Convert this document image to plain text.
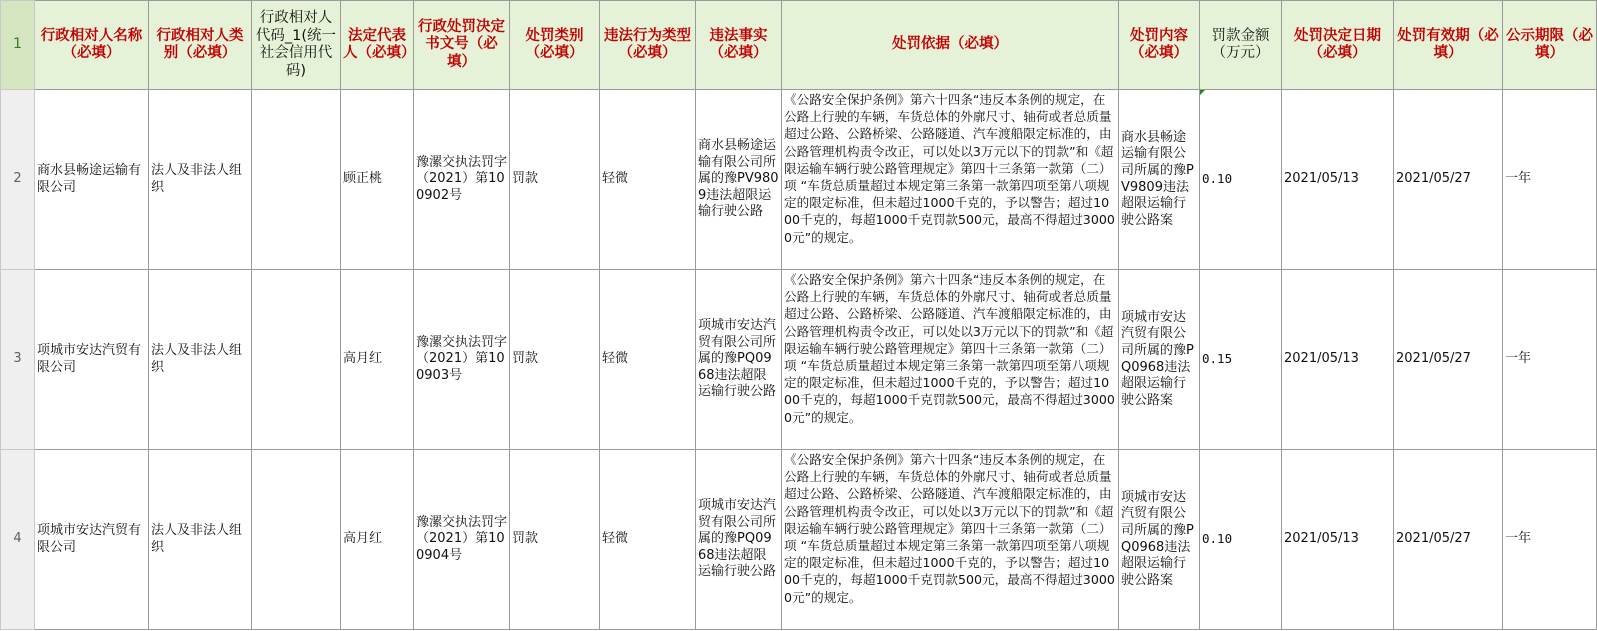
1	行政相对人名称（必填）	行政相对人类别（必填）	行政相对人代码_1(统一社会信用代码)	法定代表人（必填）	行政处罚决定书文号（必填）	处罚类别（必填）	违法行为类型（必填）	违法事实（必填）	处罚依据（必填）	处罚内容（必填）	罚款金额（万元）	处罚决定日期（必填）	处罚有效期（必填）	公示期限（必填）
2	商水县畅途运输有限公司	法人及非法人组织		顾正桃	豫漯交执法罚字（2021）第100902号	罚款	轻微	商水县畅途运输有限公司所属的豫PV9809违法超限运输行驶公路	《公路安全保护条例》第六十四条“违反本条例的规定，在公路上行驶的车辆，车货总体的外廓尺寸、轴荷或者总质量超过公路、公路桥梁、公路隧道、汽车渡船限定标准的，由公路管理机构责令改正，可以处以3万元以下的罚款”和《超限运输车辆行驶公路管理规定》第四十三条第一款第（二）项 “车货总质量超过本规定第三条第一款第四项至第八项规定的限定标准，但未超过1000千克的，予以警告；超过1000千克的，每超1000千克罚款500元，最高不得超过30000元”的规定。	商水县畅途运输有限公司所属的豫PV9809违法超限运输行驶公路案	0.10	2021/05/13	2021/05/27	一年
3	项城市安达汽贸有限公司	法人及非法人组织		高月红	豫漯交执法罚字（2021）第100903号	罚款	轻微	项城市安达汽贸有限公司所属的豫PQ0968违法超限运输行驶公路	《公路安全保护条例》第六十四条“违反本条例的规定，在公路上行驶的车辆，车货总体的外廓尺寸、轴荷或者总质量超过公路、公路桥梁、公路隧道、汽车渡船限定标准的，由公路管理机构责令改正，可以处以3万元以下的罚款”和《超限运输车辆行驶公路管理规定》第四十三条第一款第（二）项 “车货总质量超过本规定第三条第一款第四项至第八项规定的限定标准，但未超过1000千克的，予以警告；超过1000千克的，每超1000千克罚款500元，最高不得超过30000元”的规定。	项城市安达汽贸有限公司所属的豫PQ0968违法超限运输行驶公路案	0.15	2021/05/13	2021/05/27	一年
4	项城市安达汽贸有限公司	法人及非法人组织		高月红	豫漯交执法罚字（2021）第100904号	罚款	轻微	项城市安达汽贸有限公司所属的豫PQ0968违法超限运输行驶公路	《公路安全保护条例》第六十四条“违反本条例的规定，在公路上行驶的车辆，车货总体的外廓尺寸、轴荷或者总质量超过公路、公路桥梁、公路隧道、汽车渡船限定标准的，由公路管理机构责令改正，可以处以3万元以下的罚款”和《超限运输车辆行驶公路管理规定》第四十三条第一款第（二）项 “车货总质量超过本规定第三条第一款第四项至第八项规定的限定标准，但未超过1000千克的，予以警告；超过1000千克的，每超1000千克罚款500元，最高不得超过30000元”的规定。	项城市安达汽贸有限公司所属的豫PQ0968违法超限运输行驶公路案	0.10	2021/05/13	2021/05/27	一年
